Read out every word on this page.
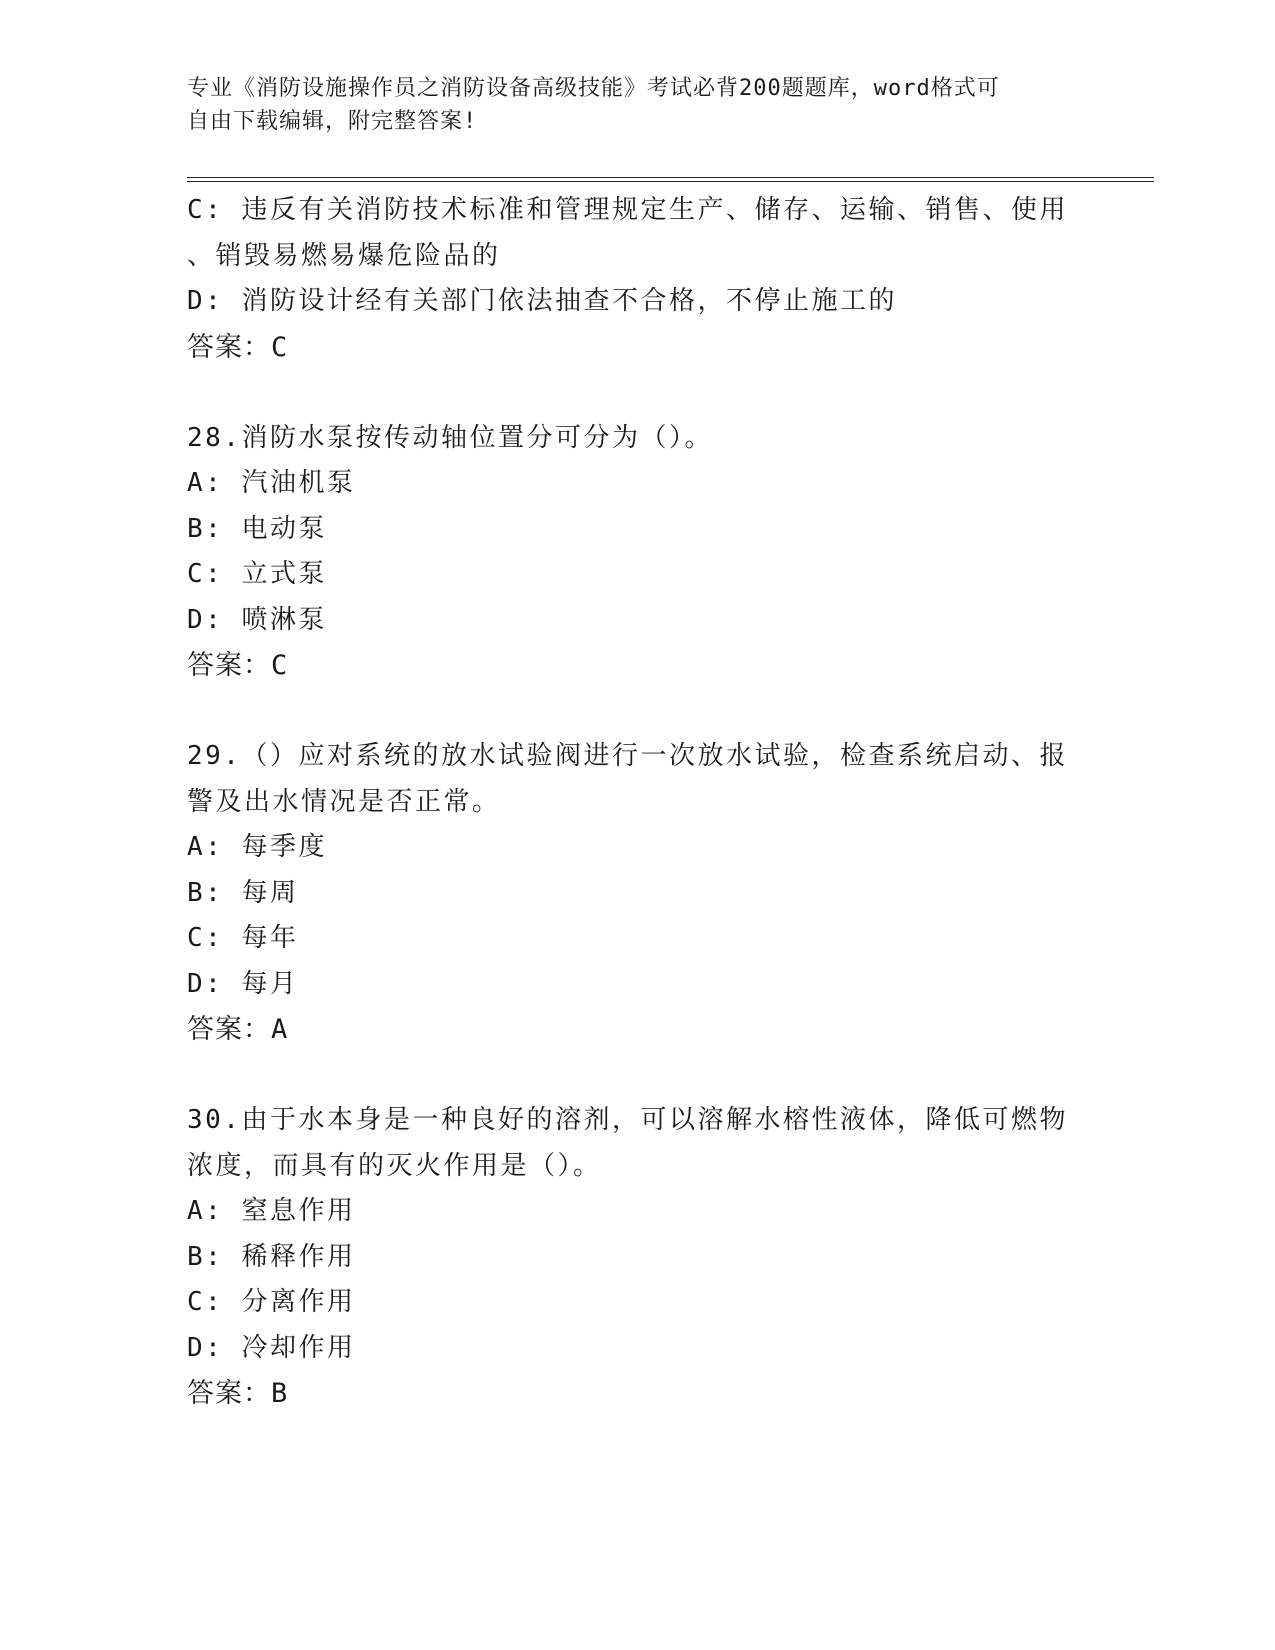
专业《消防设施操作员之消防设备高级技能》考试必背200题题库，word格式可
自由下载编辑，附完整答案!
C: 违反有关消防技术标准和管理规定生产、储存、运输、销售、使用
、销毁易燃易爆危险品的
D: 消防设计经有关部门依法抽查不合格，不停止施工的
答案：C
28.消防水泵按传动轴位置分可分为（）。
A: 汽油机泵
B: 电动泵
C: 立式泵
D: 喷淋泵
答案：C
29.（）应对系统的放水试验阀进行一次放水试验，检查系统启动、报
警及出水情况是否正常。
A: 每季度
B: 每周
C: 每年
D: 每月
答案：A
30.由于水本身是一种良好的溶剂，可以溶解水榕性液体，降低可燃物
浓度，而具有的灭火作用是（）。
A: 窒息作用
B: 稀释作用
C: 分离作用
D: 冷却作用
答案：B
